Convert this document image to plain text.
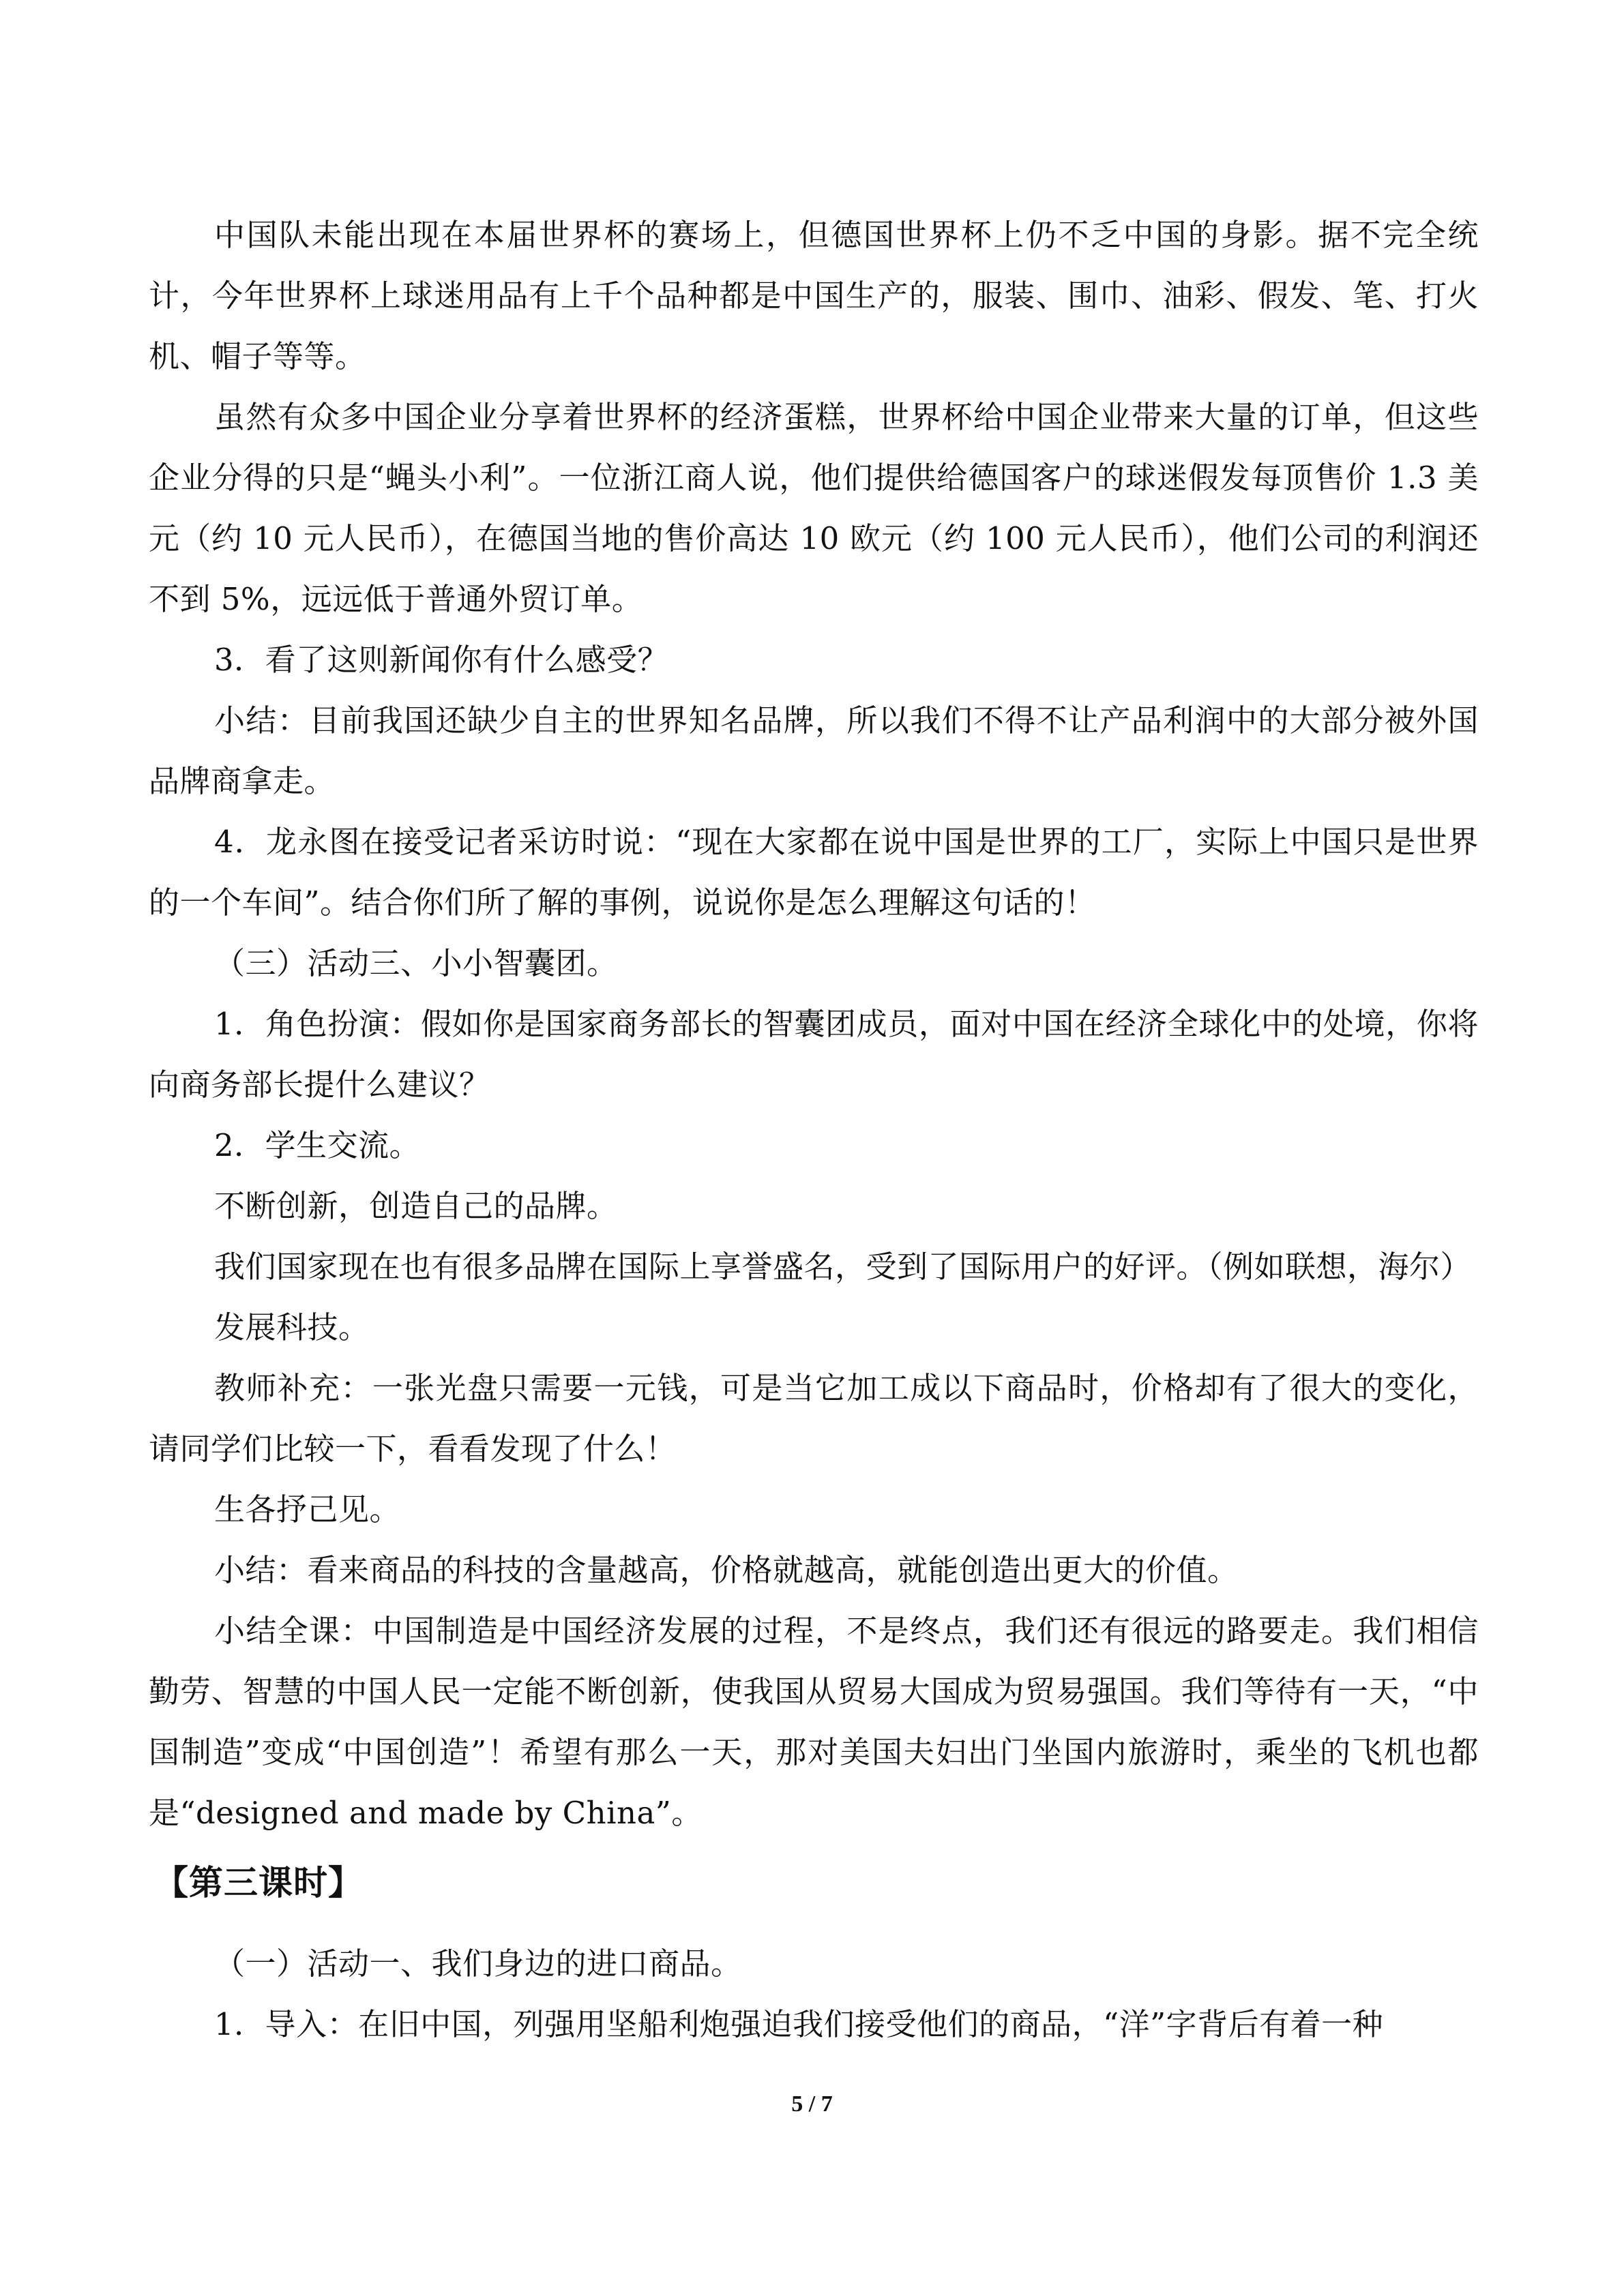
中国队未能出现在本届世界杯的赛场上，但德国世界杯上仍不乏中国的身影。据不完全统计，今年世界杯上球迷用品有上千个品种都是中国生产的，服装、围巾、油彩、假发、笔、打火机、帽子等等。

虽然有众多中国企业分享着世界杯的经济蛋糕，世界杯给中国企业带来大量的订单，但这些企业分得的只是“蝇头小利”。一位浙江商人说，他们提供给德国客户的球迷假发每顶售价 1.3 美元（约 10 元人民币），在德国当地的售价高达 10 欧元（约 100 元人民币），他们公司的利润还不到 5%，远远低于普通外贸订单。

3．看了这则新闻你有什么感受？

小结：目前我国还缺少自主的世界知名品牌，所以我们不得不让产品利润中的大部分被外国品牌商拿走。

4．龙永图在接受记者采访时说：“现在大家都在说中国是世界的工厂，实际上中国只是世界的一个车间”。结合你们所了解的事例，说说你是怎么理解这句话的！

（三）活动三、小小智囊团。

1．角色扮演：假如你是国家商务部长的智囊团成员，面对中国在经济全球化中的处境，你将向商务部长提什么建议？

2．学生交流。

不断创新，创造自己的品牌。

我们国家现在也有很多品牌在国际上享誉盛名，受到了国际用户的好评。（例如联想，海尔）

发展科技。

教师补充：一张光盘只需要一元钱，可是当它加工成以下商品时，价格却有了很大的变化，请同学们比较一下，看看发现了什么！

生各抒己见。

小结：看来商品的科技的含量越高，价格就越高，就能创造出更大的价值。

小结全课：中国制造是中国经济发展的过程，不是终点，我们还有很远的路要走。我们相信勤劳、智慧的中国人民一定能不断创新，使我国从贸易大国成为贸易强国。我们等待有一天，“中国制造”变成“中国创造”！希望有那么一天，那对美国夫妇出门坐国内旅游时，乘坐的飞机也都是“designed and made by China”。

【第三课时】

（一）活动一、我们身边的进口商品。

1．导入：在旧中国，列强用坚船利炮强迫我们接受他们的商品，“洋”字背后有着一种

5 / 7
